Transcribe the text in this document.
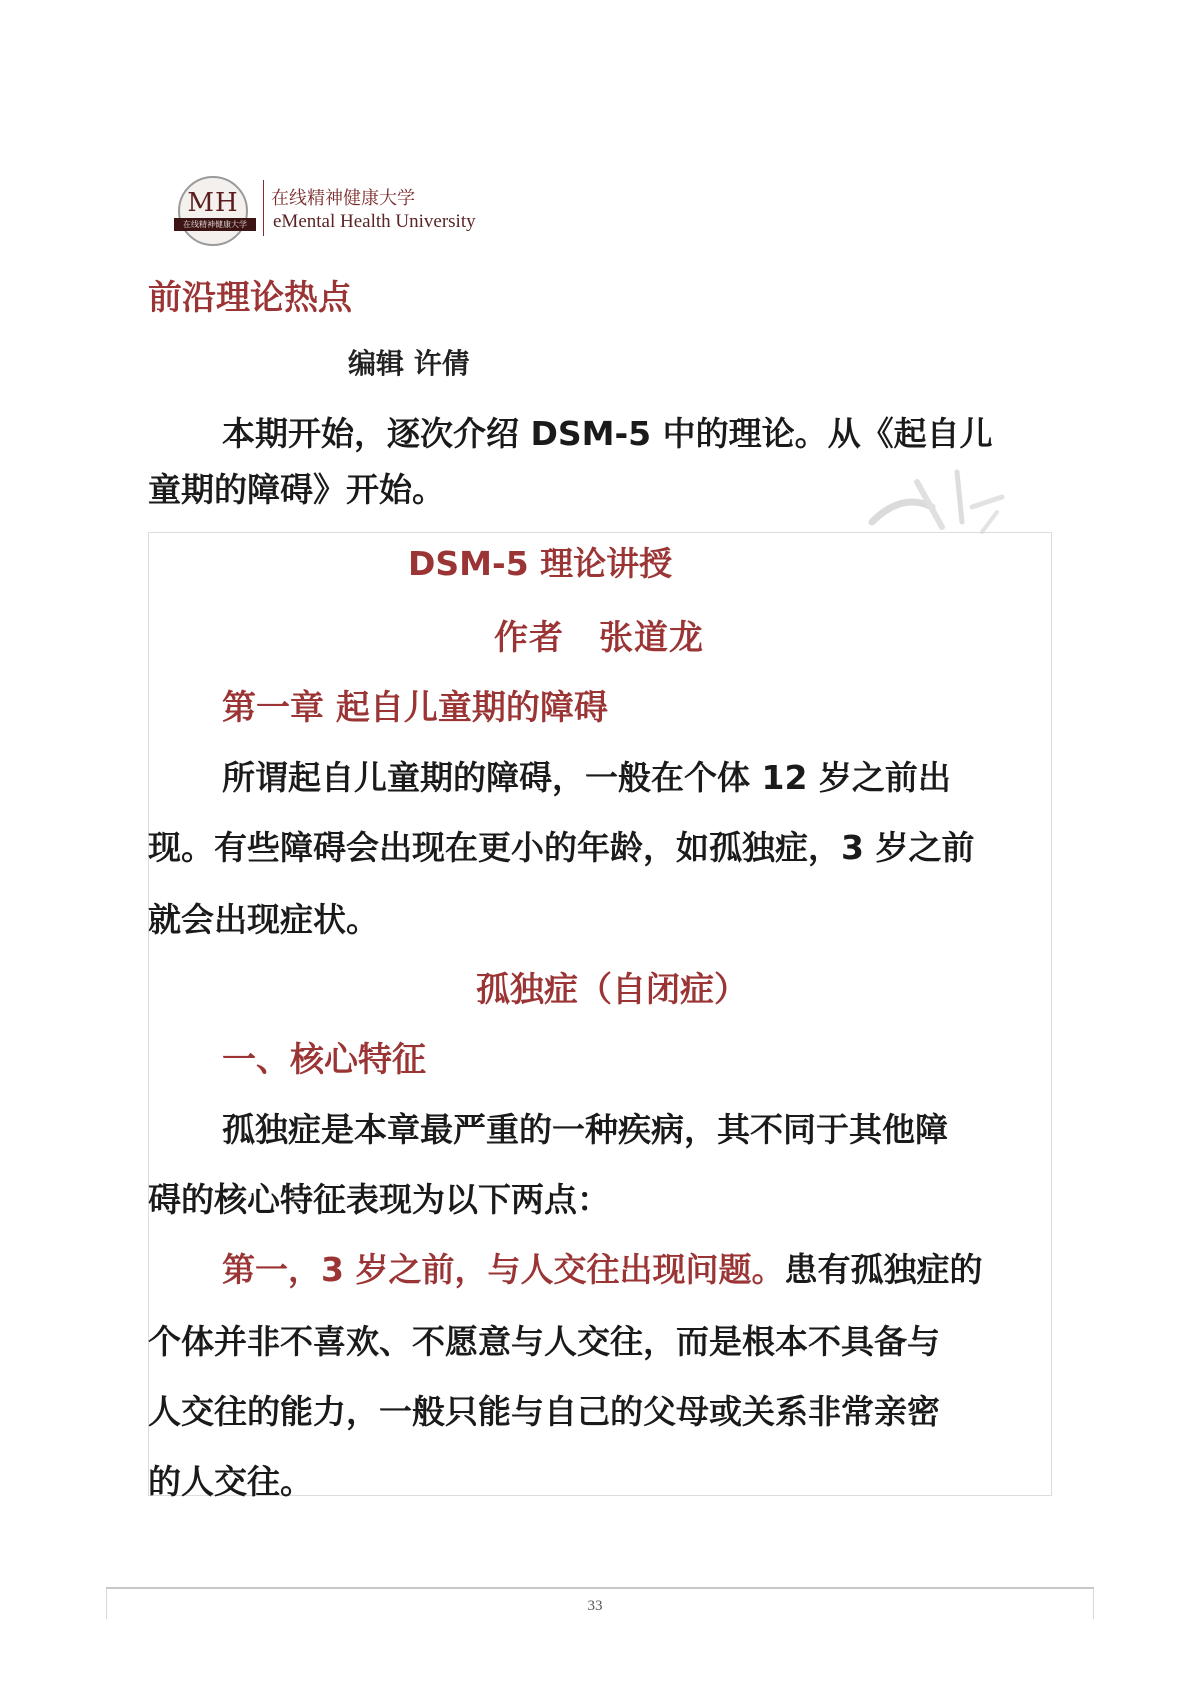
MH
在线精神健康大学
在线精神健康大学
eMental Health University
前沿理论热点
编辑 许倩
本期开始，逐次介绍 DSM-5 中的理论。从《起自儿
童期的障碍》开始。
DSM-5 理论讲授
作者　张道龙
第一章 起自儿童期的障碍
所谓起自儿童期的障碍，一般在个体 12 岁之前出
现。有些障碍会出现在更小的年龄，如孤独症，3 岁之前
就会出现症状。
孤独症（自闭症）
一、核心特征
孤独症是本章最严重的一种疾病，其不同于其他障
碍的核心特征表现为以下两点：
第一，3 岁之前，与人交往出现问题。患有孤独症的
个体并非不喜欢、不愿意与人交往，而是根本不具备与
人交往的能力，一般只能与自己的父母或关系非常亲密
的人交往。
33
